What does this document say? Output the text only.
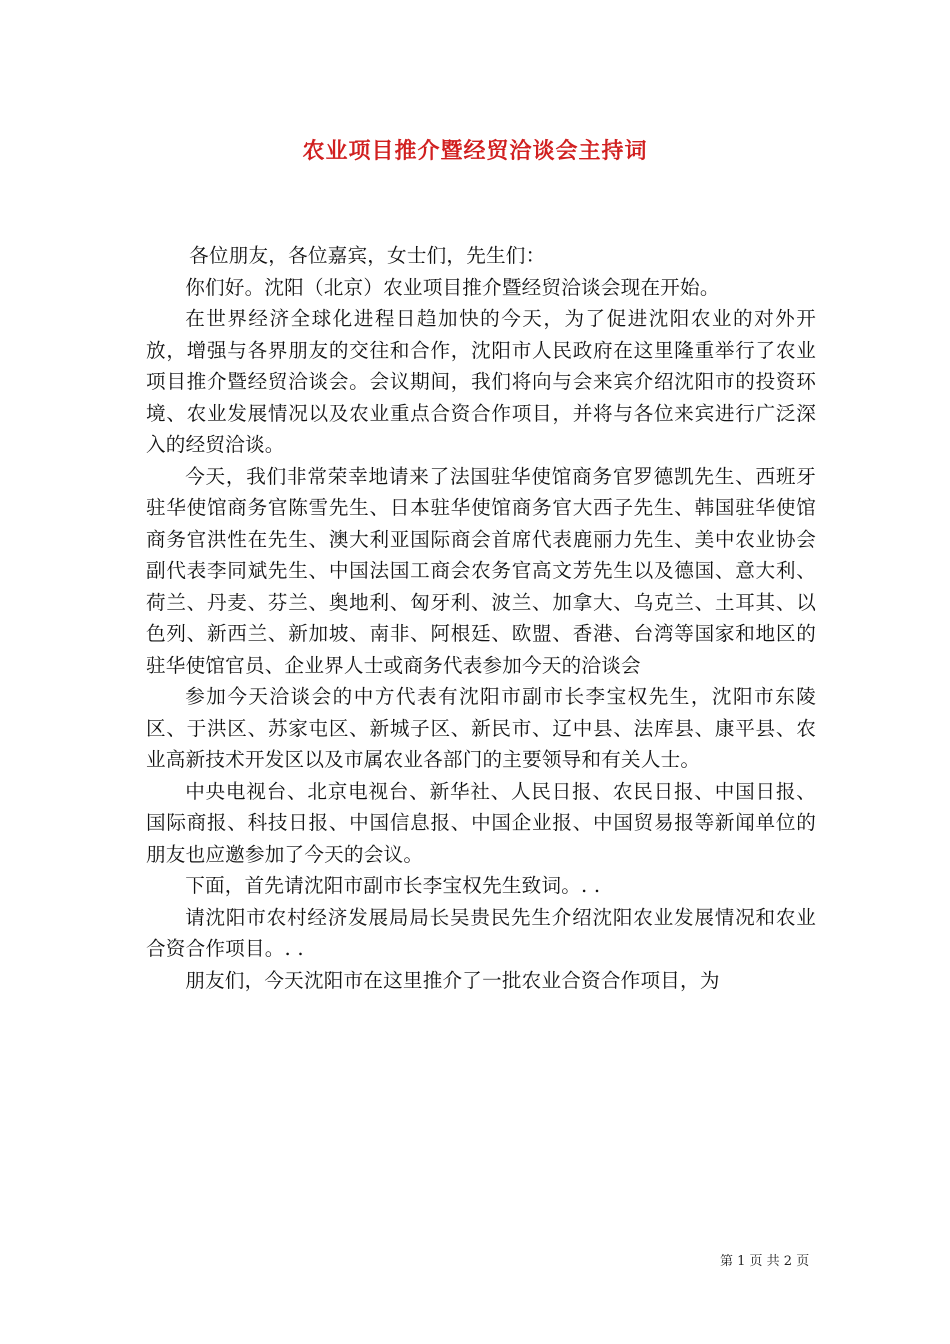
农业项目推介暨经贸洽谈会主持词

各位朋友，各位嘉宾，女士们，先生们：

你们好。沈阳（北京）农业项目推介暨经贸洽谈会现在开始。

在世界经济全球化进程日趋加快的今天，为了促进沈阳农业的对外开放，增强与各界朋友的交往和合作，沈阳市人民政府在这里隆重举行了农业项目推介暨经贸洽谈会。会议期间，我们将向与会来宾介绍沈阳市的投资环境、农业发展情况以及农业重点合资合作项目，并将与各位来宾进行广泛深入的经贸洽谈。

今天，我们非常荣幸地请来了法国驻华使馆商务官罗德凯先生、西班牙驻华使馆商务官陈雪先生、日本驻华使馆商务官大西子先生、韩国驻华使馆商务官洪性在先生、澳大利亚国际商会首席代表鹿丽力先生、美中农业协会副代表李同斌先生、中国法国工商会农务官高文芳先生以及德国、意大利、荷兰、丹麦、芬兰、奥地利、匈牙利、波兰、加拿大、乌克兰、土耳其、以色列、新西兰、新加坡、南非、阿根廷、欧盟、香港、台湾等国家和地区的驻华使馆官员、企业界人士或商务代表参加今天的洽谈会

参加今天洽谈会的中方代表有沈阳市副市长李宝权先生，沈阳市东陵区、于洪区、苏家屯区、新城子区、新民市、辽中县、法库县、康平县、农业高新技术开发区以及市属农业各部门的主要领导和有关人士。

中央电视台、北京电视台、新华社、人民日报、农民日报、中国日报、国际商报、科技日报、中国信息报、中国企业报、中国贸易报等新闻单位的朋友也应邀参加了今天的会议。

下面，首先请沈阳市副市长李宝权先生致词。. .

请沈阳市农村经济发展局局长吴贵民先生介绍沈阳农业发展情况和农业合资合作项目。. .

朋友们，今天沈阳市在这里推介了一批农业合资合作项目，为

第 1 页 共 2 页
